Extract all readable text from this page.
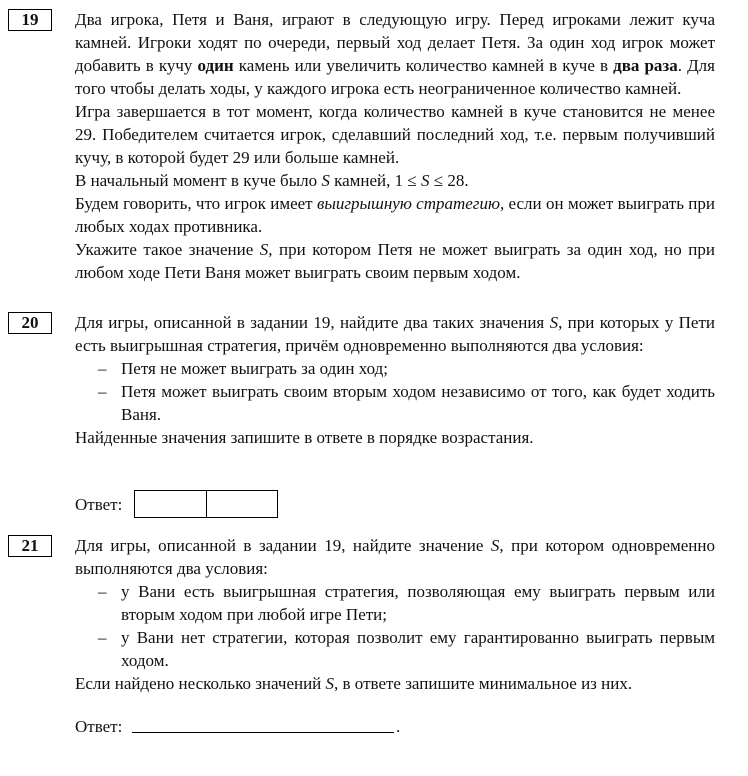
19	Два игрока, Петя и Ваня, играют в следующую игру. Перед игроками лежит куча камней. Игроки ходят по очереди, первый ход делает Петя. За один ход игрок может добавить в кучу один камень или увеличить количество камней в куче в два раза. Для того чтобы делать ходы, у каждого игрока есть неограниченное количество камней.

Игра завершается в тот момент, когда количество камней в куче становится не менее 29. Победителем считается игрок, сделавший последний ход, т.е. первым получивший кучу, в которой будет 29 или больше камней.

В начальный момент в куче было S камней, 1 ≤ S ≤ 28.

Будем говорить, что игрок имеет выигрышную стратегию, если он может выиграть при любых ходах противника.

Укажите такое значение S, при котором Петя не может выиграть за один ход, но при любом ходе Пети Ваня может выиграть своим первым ходом.

20	Для игры, описанной в задании 19, найдите два таких значения S, при которых у Пети есть выигрышная стратегия, причём одновременно выполняются два условия:

– Петя не может выиграть за один ход;

– Петя может выиграть своим вторым ходом независимо от того, как будет ходить Ваня.

Найденные значения запишите в ответе в порядке возрастания.

Ответ:
21	Для игры, описанной в задании 19, найдите значение S, при котором одновременно выполняются два условия:

– у Вани есть выигрышная стратегия, позволяющая ему выиграть первым или вторым ходом при любой игре Пети;

– у Вани нет стратегии, которая позволит ему гарантированно выиграть первым ходом.

Если найдено несколько значений S, в ответе запишите минимальное из них.

Ответ:	.
